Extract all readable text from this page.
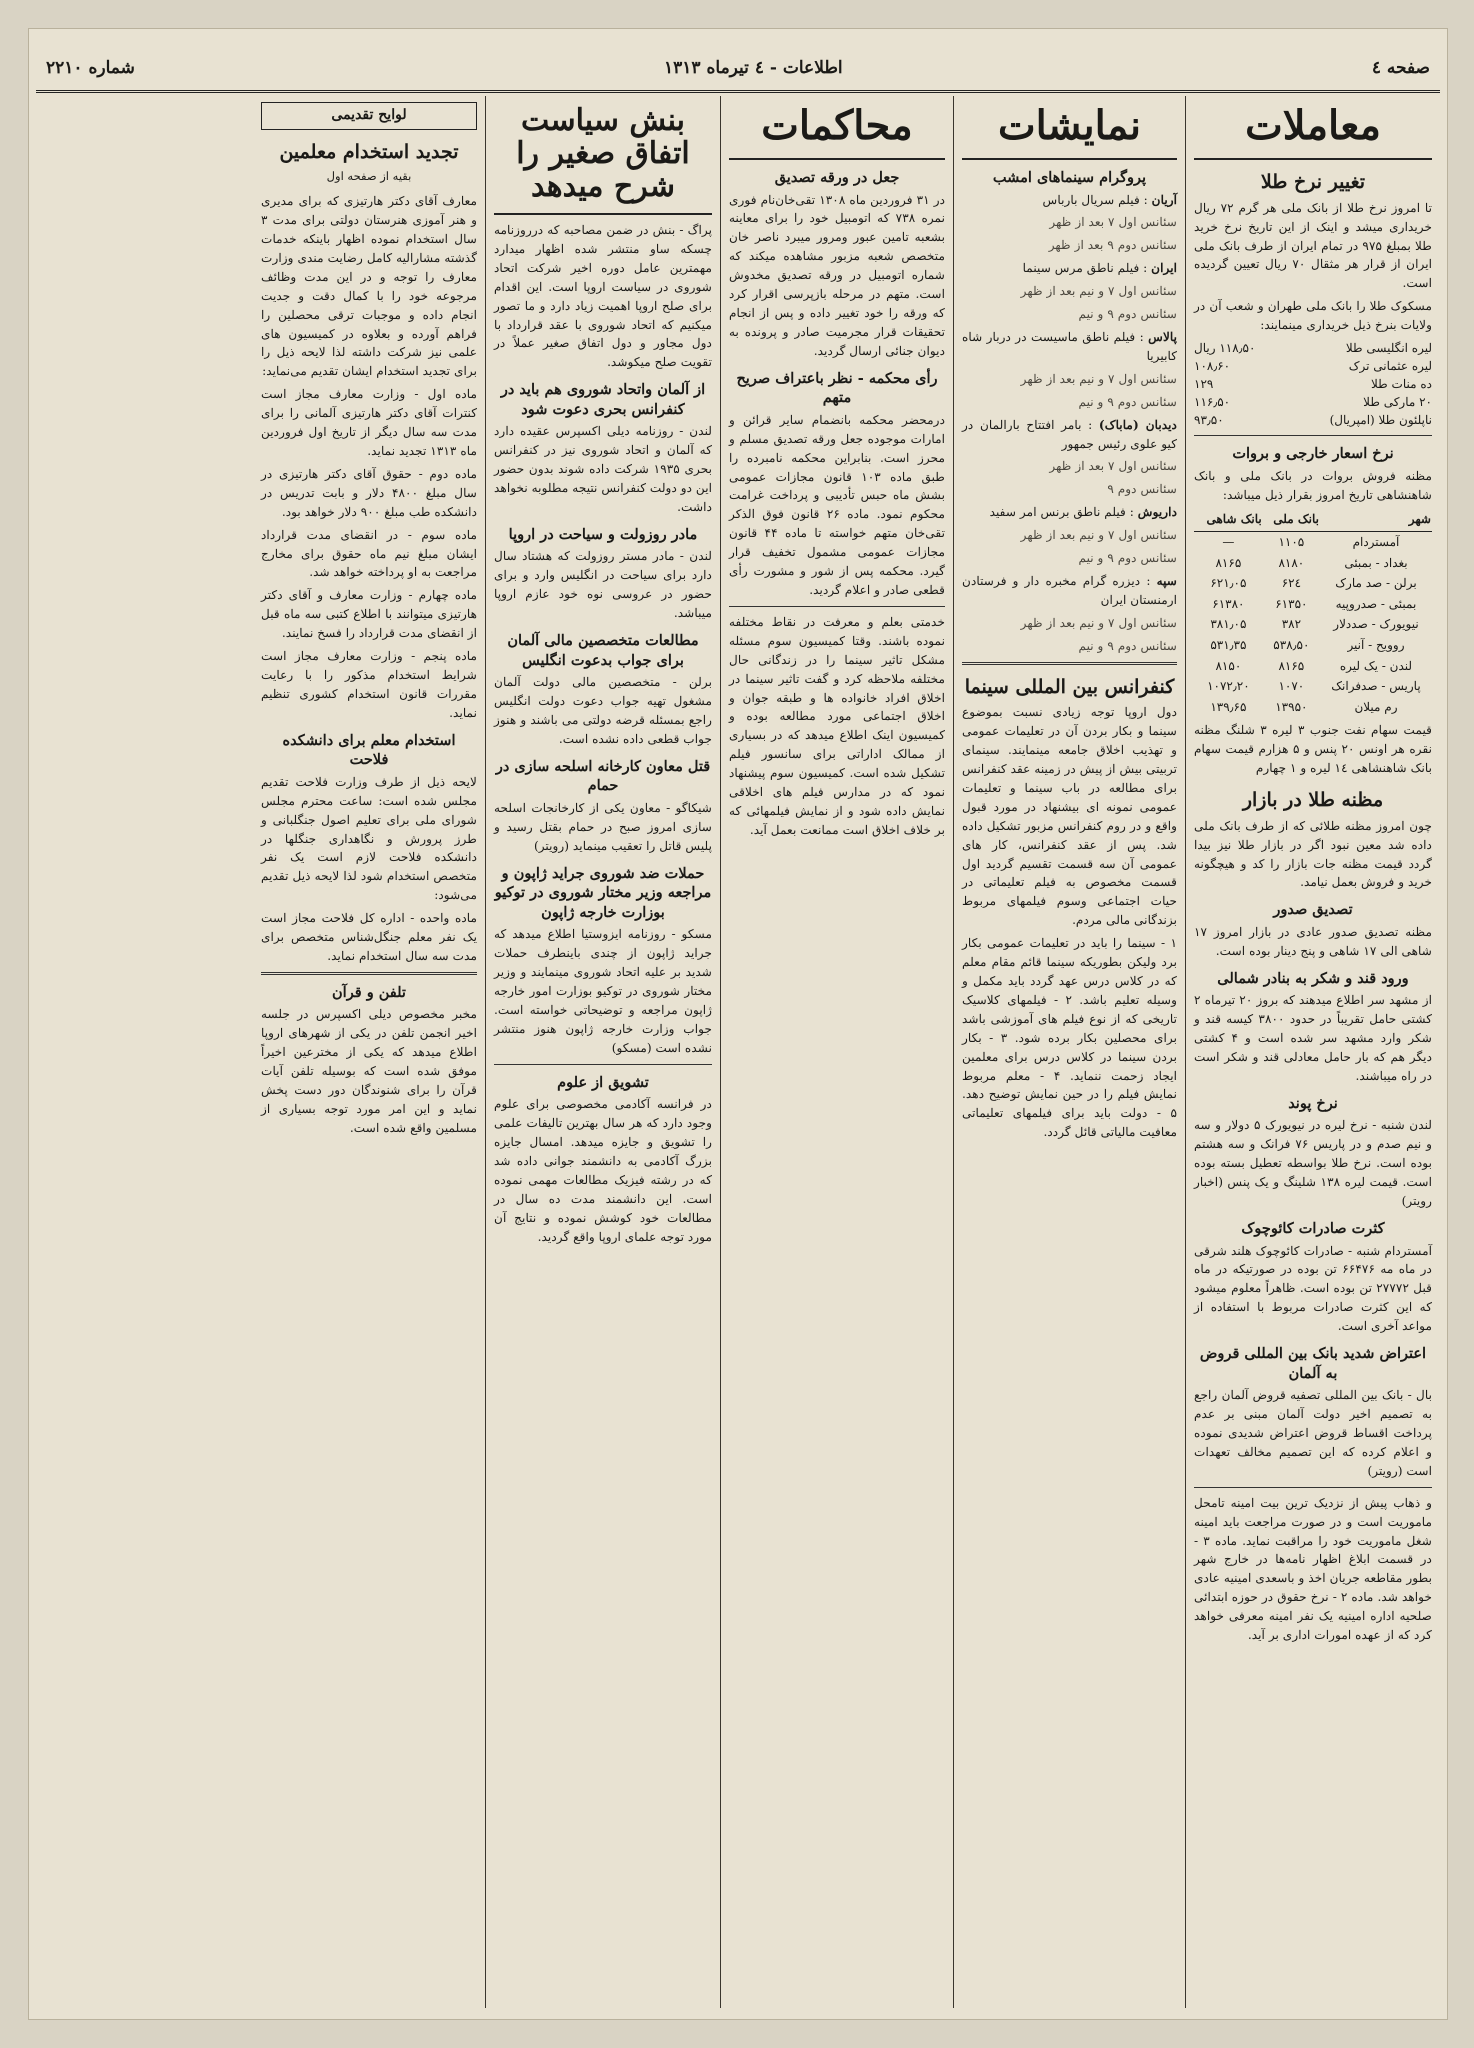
صفحه ٤
اطلاعات - ٤ تیرماه ١٣١٣
شماره ٢٢١٠
معاملات
تغییر نرخ طلا

تا امروز نرخ طلا از بانک ملی هر گرم ۷۲ ریال خریداری میشد و اینک از این تاریخ نرخ خرید طلا بمبلغ ۹۷۵ در تمام ایران از طرف بانک ملی ایران از قرار هر مثقال ۷۰ ریال تعیین گردیده است.

مسکوک طلا را بانک ملی طهران و شعب آن در ولایات بنرخ ذیل خریداری مینمایند:

لیره انگلیسی طلا
۱۱۸٫۵۰ ریال
لیره عثمانی ترک
۱۰۸٫۶۰
ده منات طلا
۱۲۹
۲۰ مارکی طلا
۱۱۶٫۵۰
ناپلئون طلا (امپریال)
۹۳٫۵۰
نرخ اسعار خارجی و بروات

مظنه فروش بروات در بانک ملی و بانک شاهنشاهی تاریخ امروز بقرار ذیل میباشد:

شهر	بانک ملی	بانک شاهی
آمستردام	۱۱۰۵	—
بغداد - بمبئی	۸۱۸۰	۸۱۶۵
برلن - صد مارک	۶۲٤	۶۲۱٫۰۵
بمبئی - صدروپیه	۶۱۳۵۰	۶۱۳۸۰
نیویورک - صددلار	۳۸۲	۳۸۱٫۰۵
روویح - آنیر	۵۳۸٫۵۰	۵۳۱٫۳۵
لندن - یک لیره	۸۱۶۵	۸۱۵۰
پاریس - صدفرانک	۱۰۷۰	۱۰۷۲٫۲۰
رم میلان	۱۳۹۵۰	۱۳۹٫۶۵

قیمت سهام نفت جنوب ۳ لیره ۳ شلنگ مظنه نقره هر اونس ۲۰ پنس و ۵ هزارم قیمت سهام بانک شاهنشاهی ۱٤ لیره و ۱ چهارم

مظنه طلا در بازار

چون امروز مظنه طلائی که از طرف بانک ملی داده شد معین نبود اگر در بازار طلا نیز بیدا گردد قیمت مظنه جات بازار را کد و هیچگونه خرید و فروش بعمل نیامد.

تصدیق صدور

مظنه تصدیق صدور عادی در بازار امروز ۱۷ شاهی الی ۱۷ شاهی و پنج دینار بوده است.

ورود قند و شکر به بنادر شمالی

از مشهد سر اطلاع میدهند که بروز ۲۰ تیرماه ۲ کشتی حامل تقریباً در حدود ۳۸۰۰ کیسه قند و شکر وارد مشهد سر شده است و ۴ کشتی دیگر هم که بار حامل معادلی قند و شکر است در راه میباشند.

نرخ پوند

لندن شنبه - نرخ لیره در نیویورک ۵ دولار و سه و نیم صدم و در پاریس ۷۶ فرانک و سه هشتم بوده است. نرخ طلا بواسطه تعطیل بسته بوده است. قیمت لیره ۱۳۸ شلینگ و یک پنس (اخبار رویتر)

کثرت صادرات کائوچوک

آمستردام شنبه - صادرات کائوچوک هلند شرقی در ماه مه ۶۶۴۷۶ تن بوده در صورتیکه در ماه قبل ۲۷۷۷۲ تن بوده است. ظاهراً معلوم میشود که این کثرت صادرات مربوط با استفاده از مواعد آخری است.

اعتراض شدید بانک بین المللی قروض به آلمان

بال - بانک بین المللی تصفیه قروض آلمان راجع به تصمیم اخیر دولت آلمان مبنی بر عدم پرداخت اقساط قروض اعتراض شدیدی نموده و اعلام کرده که این تصمیم مخالف تعهدات است (رویتر)

و ذهاب پیش از نزدیک ترین بیت امینه تامحل ماموریت است و در صورت مراجعت باید امینه شغل ماموریت خود را مراقبت نماید. ماده ۳ - در قسمت ابلاغ اظهار نامه‌ها در خارج شهر بطور مقاطعه جریان اخذ و باسعدی امینیه عادی خواهد شد. ماده ۲ - نرخ حقوق در حوزه ابتدائی صلحیه اداره امینیه یک نفر امینه معرفی خواهد کرد که از عهده امورات اداری بر آید.

نمایشات
پروگرام سینماهای امشب

آریان : فیلم سریال بارباس

سئانس اول ۷ بعد از ظهر

سئانس دوم ۹ بعد از ظهر

ایران : فیلم ناطق مرس سینما

سئانس اول ۷ و نیم بعد از ظهر

سئانس دوم ۹ و نیم

پالاس : فیلم ناطق ماسیست در دربار شاه کابیریا

سئانس اول ۷ و نیم بعد از ظهر

سئانس دوم ۹ و نیم

دیدبان (ماباک) : بامر افتتاح بارالمان در کیو علوی رئیس جمهور

سئانس اول ۷ بعد از ظهر

سئانس دوم ۹

داریوش : فیلم ناطق برنس امر سفید

سئانس اول ۷ و نیم بعد از ظهر

سئانس دوم ۹ و نیم

سپه : دیزره گرام مخبره دار و فرستادن ارمنستان ایران

سئانس اول ۷ و نیم بعد از ظهر

سئانس دوم ۹ و نیم

کنفرانس بین المللی سینما

دول اروپا توجه زیادی نسبت بموضوع سینما و بکار بردن آن در تعلیمات عمومی و تهذیب اخلاق جامعه مینمایند. سینمای تربیتی بیش از پیش در زمینه عقد کنفرانس برای مطالعه در باب سینما و تعلیمات عمومی نمونه ای بیشنهاد در مورد قبول واقع و در روم کنفرانس مزبور تشکیل داده شد. پس از عقد کنفرانس، کار های عمومی آن سه قسمت تقسیم گردید اول قسمت مخصوص به فیلم تعلیماتی در حیات اجتماعی وسوم فیلمهای مربوط بزندگانی مالی مردم.

۱ - سینما را باید در تعلیمات عمومی بکار برد ولیکن بطوریکه سینما قائم مقام معلم که در کلاس درس عهد گردد باید مکمل و وسیله تعلیم باشد. ۲ - فیلمهای کلاسیک تاریخی که از نوع فیلم های آموزشی باشد برای محصلین بکار برده شود. ۳ - بکار بردن سینما در کلاس درس برای معلمین ایجاد زحمت ننماید. ۴ - معلم مربوط نمایش فیلم را در حین نمایش توضیح دهد. ۵ - دولت باید برای فیلمهای تعلیماتی معافیت مالیاتی قائل گردد.

محاکمات
جعل در ورقه تصدیق

در ۳۱ فروردین ماه ۱۳۰۸ تقی‌خان‌نام فوری نمره ۷۳۸ که اتومبیل خود را برای معاینه بشعبه تامین عبور ومرور میبرد ناصر خان متخصص شعبه مزبور مشاهده میکند که شماره اتومبیل در ورقه تصدیق مخدوش است. متهم در مرحله بازپرسی اقرار کرد که ورقه را خود تغییر داده و پس از انجام تحقیقات قرار مجرمیت صادر و پرونده به دیوان جنائی ارسال گردید.

رأی محکمه - نظر باعتراف صریح متهم

درمحضر محکمه بانضمام سایر قرائن و امارات موجوده جعل ورقه تصدیق مسلم و محرز است. بنابراین محکمه نامبرده را طبق ماده ۱۰۳ قانون مجازات عمومی بشش ماه حبس تأدیبی و پرداخت غرامت محکوم نمود. ماده ۲۶ قانون فوق الذکر تقی‌خان متهم خواسته تا ماده ۴۴ قانون مجازات عمومی مشمول تخفیف قرار گیرد. محکمه پس از شور و مشورت رأی قطعی صادر و اعلام گردید.

خدمتی بعلم و معرفت در نقاط مختلفه نموده باشند. وقتا کمیسیون سوم مسئله مشکل تاثیر سینما را در زندگانی حال مختلفه ملاحظه کرد و گفت تاثیر سینما در اخلاق افراد خانواده ها و طبقه جوان و اخلاق اجتماعی مورد مطالعه بوده و کمیسیون اینک اطلاع میدهد که در بسیاری از ممالک اداراتی برای سانسور فیلم تشکیل شده است. کمیسیون سوم پیشنهاد نمود که در مدارس فیلم های اخلاقی نمایش داده شود و از نمایش فیلمهائی که بر خلاف اخلاق است ممانعت بعمل آید.

بنش سیاست اتفاق صغیر را شرح میدهد

پراگ - بنش در ضمن مصاحبه که درروزنامه چسکه ساو منتشر شده اظهار میدارد مهمترین عامل دوره اخیر شرکت اتحاد شوروی در سیاست اروپا است. این اقدام برای صلح اروپا اهمیت زیاد دارد و ما تصور میکنیم که اتحاد شوروی با عقد قرارداد با دول مجاور و دول اتفاق صغیر عملاً در تقویت صلح میکوشد.

از آلمان واتحاد شوروی هم باید در کنفرانس بحری دعوت شود

لندن - روزنامه دیلی اکسپرس عقیده دارد که آلمان و اتحاد شوروی نیز در کنفرانس بحری ۱۹۳۵ شرکت داده شوند بدون حضور این دو دولت کنفرانس نتیجه مطلوبه نخواهد داشت.

مادر روزولت و سیاحت در اروپا

لندن - مادر مستر روزولت که هشتاد سال دارد برای سیاحت در انگلیس وارد و برای حضور در عروسی نوه خود عازم اروپا میباشد.

مطالعات متخصصین مالی آلمان برای جواب بدعوت انگلیس

برلن - متخصصین مالی دولت آلمان مشغول تهیه جواب دعوت دولت انگلیس راجع بمسئله قرضه دولتی می باشند و هنوز جواب قطعی داده نشده است.

قتل معاون کارخانه اسلحه سازی در حمام

شیکاگو - معاون یکی از کارخانجات اسلحه سازی امروز صبح در حمام بقتل رسید و پلیس قاتل را تعقیب مینماید (رویتر)

حملات ضد شوروی جراید ژاپون و مراجعه وزیر مختار شوروی در توکیو بوزارت خارجه ژاپون

مسکو - روزنامه ایزوستیا اطلاع میدهد که جراید ژاپون از چندی باینطرف حملات شدید بر علیه اتحاد شوروی مینمایند و وزیر مختار شوروی در توکیو بوزارت امور خارجه ژاپون مراجعه و توضیحاتی خواسته است. جواب وزارت خارجه ژاپون هنوز منتشر نشده است (مسکو)

تشویق از علوم

در فرانسه آکادمی مخصوصی برای علوم وجود دارد که هر سال بهترین تالیفات علمی را تشویق و جایزه میدهد. امسال جایزه بزرگ آکادمی به دانشمند جوانی داده شد که در رشته فیزیک مطالعات مهمی نموده است. این دانشمند مدت ده سال در مطالعات خود کوشش نموده و نتایج آن مورد توجه علمای اروپا واقع گردید.

لوایح تقدیمی
تجدید استخدام معلمین
بقیه از صفحه اول

معارف آقای دکتر هارتیزی که برای مدیری و هنر آموزی هنرستان دولتی برای مدت ۳ سال استخدام نموده اظهار باینکه خدمات گذشته مشارالیه کامل رضایت مندی وزارت معارف را توجه و در این مدت وظائف مرجوعه خود را با کمال دقت و جدیت انجام داده و موجبات ترقی محصلین را فراهم آورده و بعلاوه در کمیسیون های علمی نیز شرکت داشته لذا لایحه ذیل را برای تجدید استخدام ایشان تقدیم می‌نماید:

ماده اول - وزارت معارف مجاز است کنترات آقای دکتر هارتیزی آلمانی را برای مدت سه سال دیگر از تاریخ اول فروردین ماه ۱۳۱۳ تجدید نماید.

ماده دوم - حقوق آقای دکتر هارتیزی در سال مبلغ ۴۸۰۰ دلار و بابت تدریس در دانشکده طب مبلغ ۹۰۰ دلار خواهد بود.

ماده سوم - در انقضای مدت قرارداد ایشان مبلغ نیم ماه حقوق برای مخارج مراجعت به او پرداخته خواهد شد.

ماده چهارم - وزارت معارف و آقای دکتر هارتیزی میتوانند با اطلاع کتبی سه ماه قبل از انقضای مدت قرارداد را فسخ نمایند.

ماده پنجم - وزارت معارف مجاز است شرایط استخدام مذکور را با رعایت مقررات قانون استخدام کشوری تنظیم نماید.

استخدام معلم برای دانشکده فلاحت

لایحه ذیل از طرف وزارت فلاحت تقدیم مجلس شده است: ساعت محترم مجلس شورای ملی برای تعلیم اصول جنگلبانی و طرز پرورش و نگاهداری جنگلها در دانشکده فلاحت لازم است یک نفر متخصص استخدام شود لذا لایحه ذیل تقدیم می‌شود:

ماده واحده - اداره کل فلاحت مجاز است یک نفر معلم جنگل‌شناس متخصص برای مدت سه سال استخدام نماید.

تلفن و قرآن

مخبر مخصوص دیلی اکسپرس در جلسه اخیر انجمن تلفن در یکی از شهرهای اروپا اطلاع میدهد که یکی از مخترعین اخیراً موفق شده است که بوسیله تلفن آیات قرآن را برای شنوندگان دور دست پخش نماید و این امر مورد توجه بسیاری از مسلمین واقع شده است.
